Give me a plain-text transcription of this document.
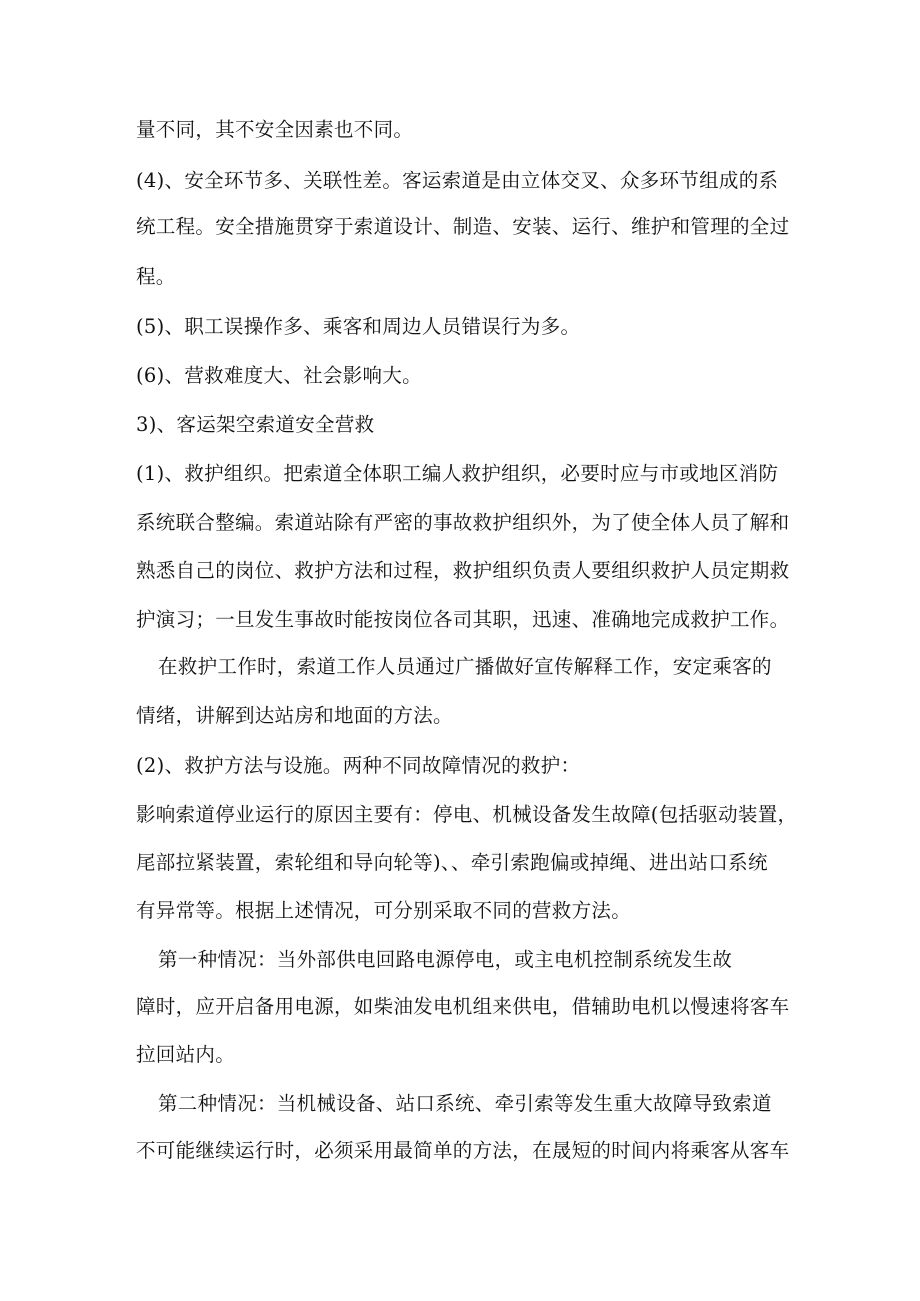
量不同，其不安全因素也不同。
(4)、安全环节多、关联性差。客运索道是由立体交叉、众多环节组成的系
统工程。安全措施贯穿于索道设计、制造、安装、运行、维护和管理的全过
程。
(5)、职工误操作多、乘客和周边人员错误行为多。
(6)、营救难度大、社会影响大。
3)、客运架空索道安全营救
(1)、救护组织。把索道全体职工编人救护组织，必要时应与市或地区消防
系统联合整编。索道站除有严密的事故救护组织外，为了使全体人员了解和
熟悉自己的岗位、救护方法和过程，救护组织负责人要组织救护人员定期救
护演习；一旦发生事故时能按岗位各司其职，迅速、准确地完成救护工作。
在救护工作时，索道工作人员通过广播做好宣传解释工作，安定乘客的
情绪，讲解到达站房和地面的方法。
(2)、救护方法与设施。两种不同故障情况的救护：
影响索道停业运行的原因主要有：停电、机械设备发生故障(包括驱动装置，
尾部拉紧装置，索轮组和导向轮等)、、牵引索跑偏或掉绳、进出站口系统
有异常等。根据上述情况，可分别采取不同的营救方法。
第一种情况：当外部供电回路电源停电，或主电机控制系统发生故
障时，应开启备用电源，如柴油发电机组来供电，借辅助电机以慢速将客车
拉回站内。
第二种情况：当机械设备、站口系统、牵引索等发生重大故障导致索道
不可能继续运行时，必须采用最简单的方法，在晟短的时间内将乘客从客车
